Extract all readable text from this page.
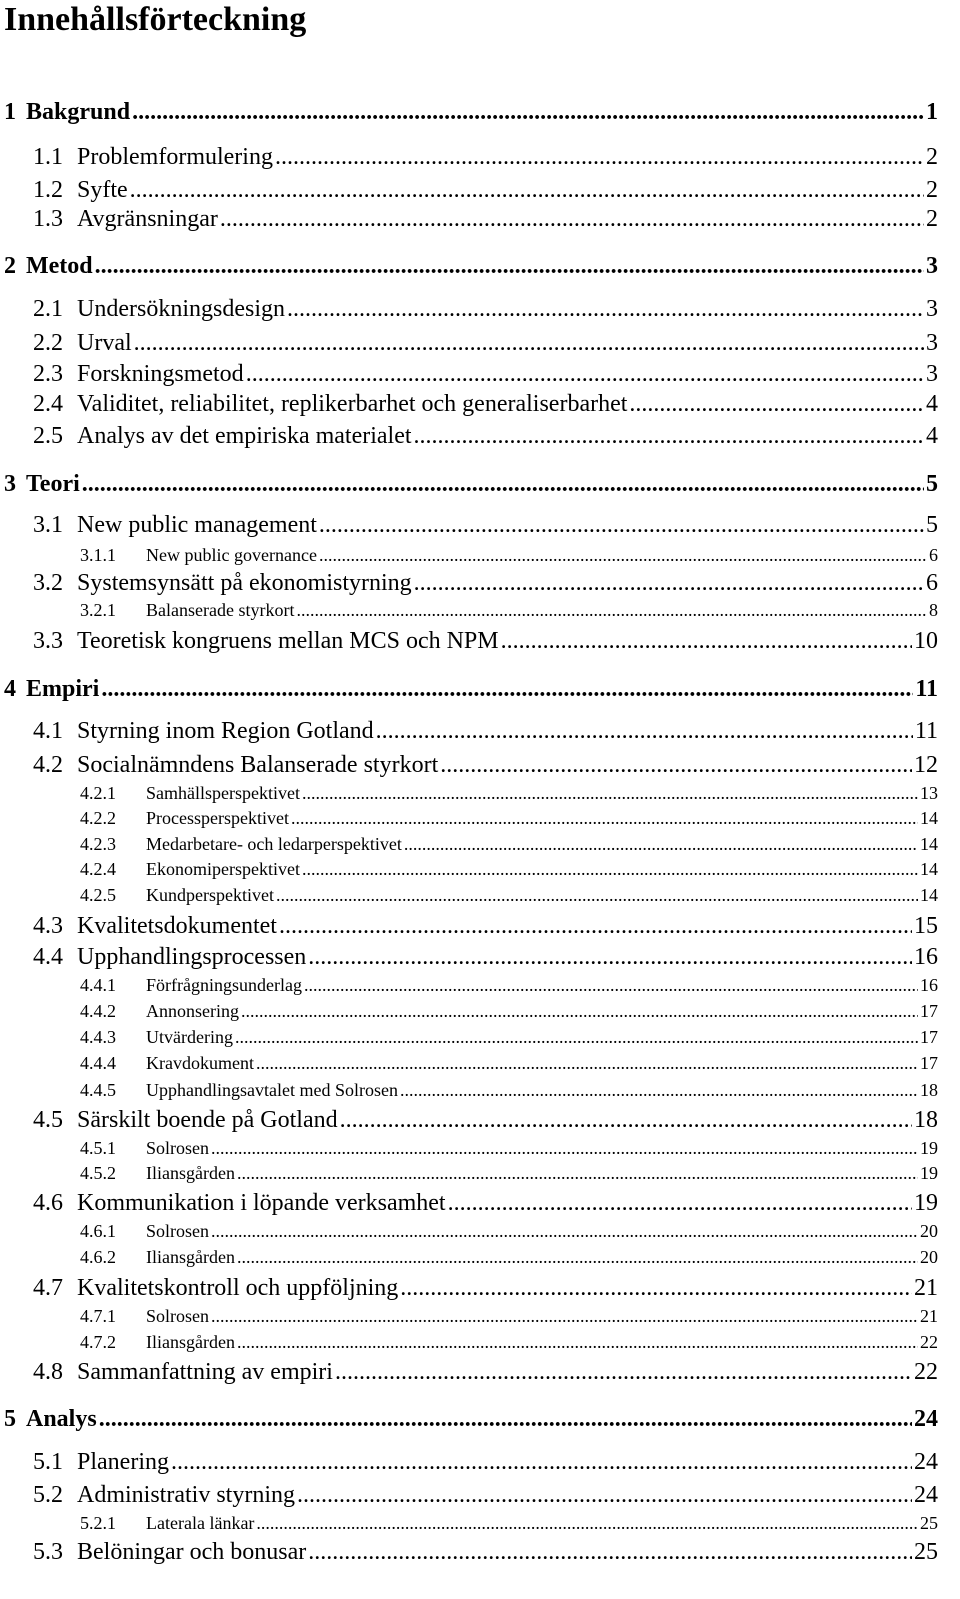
Innehållsförteckning
1 Bakgrund .....	1
1.1 Problemformulering .....	2
1.2 Syfte .....	2
1.3 Avgränsningar .....	2
2 Metod .....	3
2.1 Undersökningsdesign .....	3
2.2 Urval .....	3
2.3 Forskningsmetod .....	3
2.4 Validitet, reliabilitet, replikerbarhet och generaliserbarhet .....	4
2.5 Analys av det empiriska materialet .....	4
3 Teori .....	5
3.1 New public management .....	5
3.1.1	New public governance .....	6
3.2 Systemsynsätt på ekonomistyrning .....	6
3.2.1	Balanserade styrkort .....	8
3.3 Teoretisk kongruens mellan MCS och NPM .....	10
4 Empiri .....	11
4.1 Styrning inom Region Gotland .....	11
4.2 Socialnämndens Balanserade styrkort .....	12
4.2.1	Samhällsperspektivet .....	13
4.2.2	Processperspektivet .....	14
4.2.3	Medarbetare- och ledarperspektivet .....	14
4.2.4	Ekonomiperspektivet .....	14
4.2.5	Kundperspektivet .....	14
4.3 Kvalitetsdokumentet .....	15
4.4 Upphandlingsprocessen .....	16
4.4.1	Förfrågningsunderlag .....	16
4.4.2	Annonsering .....	17
4.4.3	Utvärdering .....	17
4.4.4	Kravdokument .....	17
4.4.5	Upphandlingsavtalet med Solrosen .....	18
4.5 Särskilt boende på Gotland .....	18
4.5.1	Solrosen .....	19
4.5.2	Iliansgården .....	19
4.6 Kommunikation i löpande verksamhet .....	19
4.6.1	Solrosen .....	20
4.6.2	Iliansgården .....	20
4.7 Kvalitetskontroll och uppföljning .....	21
4.7.1	Solrosen .....	21
4.7.2	Iliansgården .....	22
4.8 Sammanfattning av empiri .....	22
5 Analys .....	24
5.1 Planering .....	24
5.2 Administrativ styrning .....	24
5.2.1	Laterala länkar .....	25
5.3 Belöningar och bonusar .....	25
